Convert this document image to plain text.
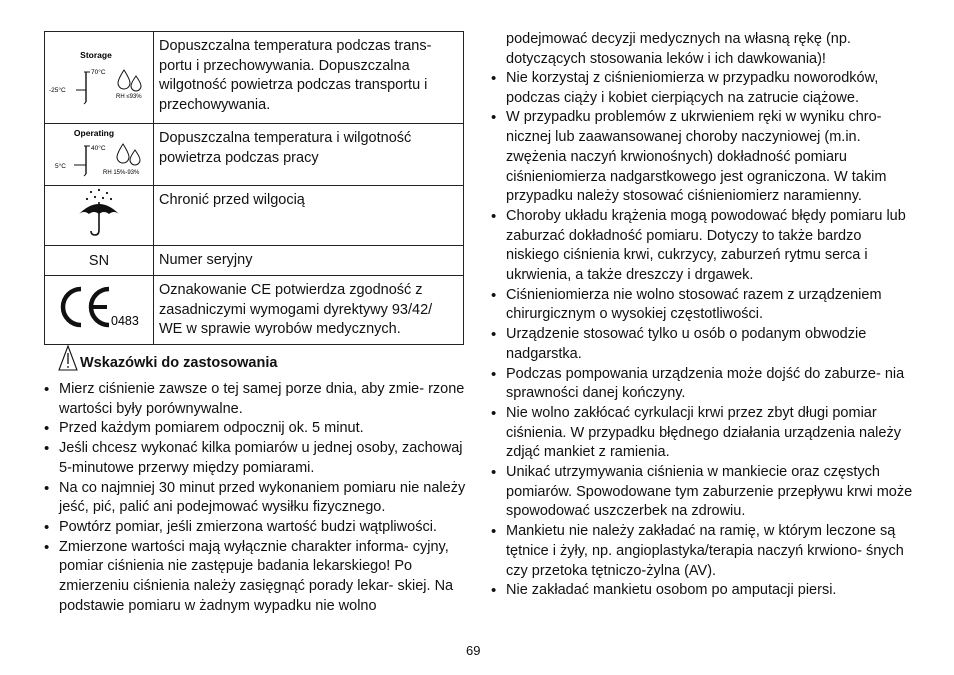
Storage
70°C
-25°C
RH ≤93%	Dopuszczalna temperatura podczas trans- portu i przechowywania. Dopuszczalna wilgotność powietrza podczas transportu i przechowywania.

Operating
40°C
5°C
RH 15%-93%	Dopuszczalna temperatura i wilgotność powietrza podczas pracy
	Chronić przed wilgocią
SN	Numer seryjny

0483	Oznakowanie CE potwierdza zgodność z zasadniczymi wymogami dyrektywy 93/42/ WE w sprawie wyrobów medycznych.
Wskazówki do zastosowania
• Mierz ciśnienie zawsze o tej samej porze dnia, aby zmie- rzone wartości były porównywalne.
• Przed każdym pomiarem odpocznij ok. 5 minut.
• Jeśli chcesz wykonać kilka pomiarów u jednej osoby, zachowaj 5-minutowe przerwy między pomiarami.
• Na co najmniej 30 minut przed wykonaniem pomiaru nie należy jeść, pić, palić ani podejmować wysiłku fizycznego.
• Powtórz pomiar, jeśli zmierzona wartość budzi wątpliwości.
• Zmierzone wartości mają wyłącznie charakter informa- cyjny, pomiar ciśnienia nie zastępuje badania lekarskiego! Po zmierzeniu ciśnienia należy zasięgnąć porady lekar- skiej. Na podstawie pomiaru w żadnym wypadku nie wolno
podejmować decyzji medycznych na własną rękę (np. dotyczących stosowania leków i ich dawkowania)!
• Nie korzystaj z ciśnieniomierza w przypadku noworodków, podczas ciąży i kobiet cierpiących na zatrucie ciążowe.
• W przypadku problemów z ukrwieniem ręki w wyniku chro- nicznej lub zaawansowanej choroby naczyniowej (m.in. zwężenia naczyń krwionośnych) dokładność pomiaru ciśnieniomierza nadgarstkowego jest ograniczona. W takim przypadku należy stosować ciśnieniomierz naramienny.
• Choroby układu krążenia mogą powodować błędy pomiaru lub zaburzać dokładność pomiaru. Dotyczy to także bardzo niskiego ciśnienia krwi, cukrzycy, zaburzeń rytmu serca i ukrwienia, a także dreszczy i drgawek.
• Ciśnieniomierza nie wolno stosować razem z urządzeniem chirurgicznym o wysokiej częstotliwości.
• Urządzenie stosować tylko u osób o podanym obwodzie nadgarstka.
• Podczas pompowania urządzenia może dojść do zaburze- nia sprawności danej kończyny.
• Nie wolno zakłócać cyrkulacji krwi przez zbyt długi pomiar ciśnienia. W przypadku błędnego działania urządzenia należy zdjąć mankiet z ramienia.
• Unikać utrzymywania ciśnienia w mankiecie oraz częstych pomiarów. Spowodowane tym zaburzenie przepływu krwi może spowodować uszczerbek na zdrowiu.
• Mankietu nie należy zakładać na ramię, w którym leczone są tętnice i żyły, np. angioplastyka/terapia naczyń krwiono- śnych czy przetoka tętniczo-żylna (AV).
• Nie zakładać mankietu osobom po amputacji piersi.
69
